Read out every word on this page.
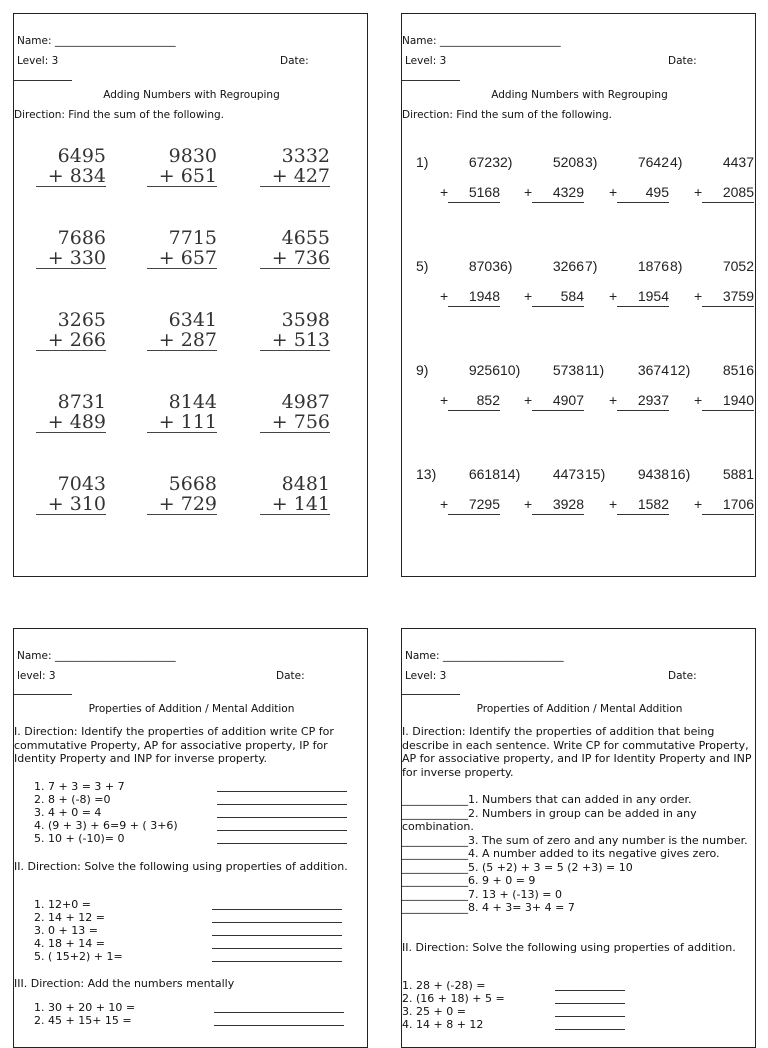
Name: _______________________
Level: 3	Date:
Adding Numbers with Regrouping
Direction: Find the sum of the following.
6495
+ 834
9830
+ 651
3332
+ 427
7686
+ 330
7715
+ 657
4655
+ 736
3265
+ 266
6341
+ 287
3598
+ 513
8731
+ 489
8144
+ 111
4987
+ 756
7043
+ 310
5668
+ 729
8481
+ 141
Name: _______________________
Level: 3	Date:
Adding Numbers with Regrouping
Direction: Find the sum of the following.
1)	6723
+	5168
2)	5208
+	4329
3)	7642
+	495
4)	4437
+	2085
5)	8703
+	1948
6)	3266
+	584
7)	1876
+	1954
8)	7052
+	3759
9)	9256
+	852
10)	5738
+	4907
11)	3674
+	2937
12)	8516
+	1940
13)	6618
+	7295
14)	4473
+	3928
15)	9438
+	1582
16)	5881
+	1706
Name: _______________________
level: 3	Date:
Properties of Addition / Mental Addition
I. Direction: Identify the properties of addition write CP for commutative Property, AP for associative property, IP for Identity Property and INP for inverse property.
1. 7 + 3 = 3 + 7
2. 8 + (-8) =0
3. 4 + 0 = 4
4. (9 + 3) + 6=9 + ( 3+6)
5. 10 + (-10)= 0
II. Direction: Solve the following using properties of addition.
1. 12+0 =
2. 14 + 12 =
3. 0 + 13 =
4. 18 + 14 =
5. ( 15+2) + 1=
III. Direction: Add the numbers mentally
1. 30 + 20 + 10 =
2. 45 + 15+ 15 =
Name: _______________________
Level: 3	Date:
Properties of Addition / Mental Addition
I. Direction: Identify the properties of addition that being describe in each sentence. Write CP for commutative Property, AP for associative property, and IP for Identity Property and INP for inverse property.
____________1. Numbers that can added in any order.
____________2. Numbers in group can be added in any combination.
____________3. The sum of zero and any number is the number.
____________4. A number added to its negative gives zero.
____________5. (5 +2) + 3 = 5 (2 +3) = 10
____________6. 9 + 0 = 9
____________7. 13 + (-13) = 0
____________8. 4 + 3= 3+ 4 = 7
II. Direction: Solve the following using properties of addition.
1. 28 + (-28) =
2. (16 + 18) + 5 =
3. 25 + 0 =
4. 14 + 8 + 12
